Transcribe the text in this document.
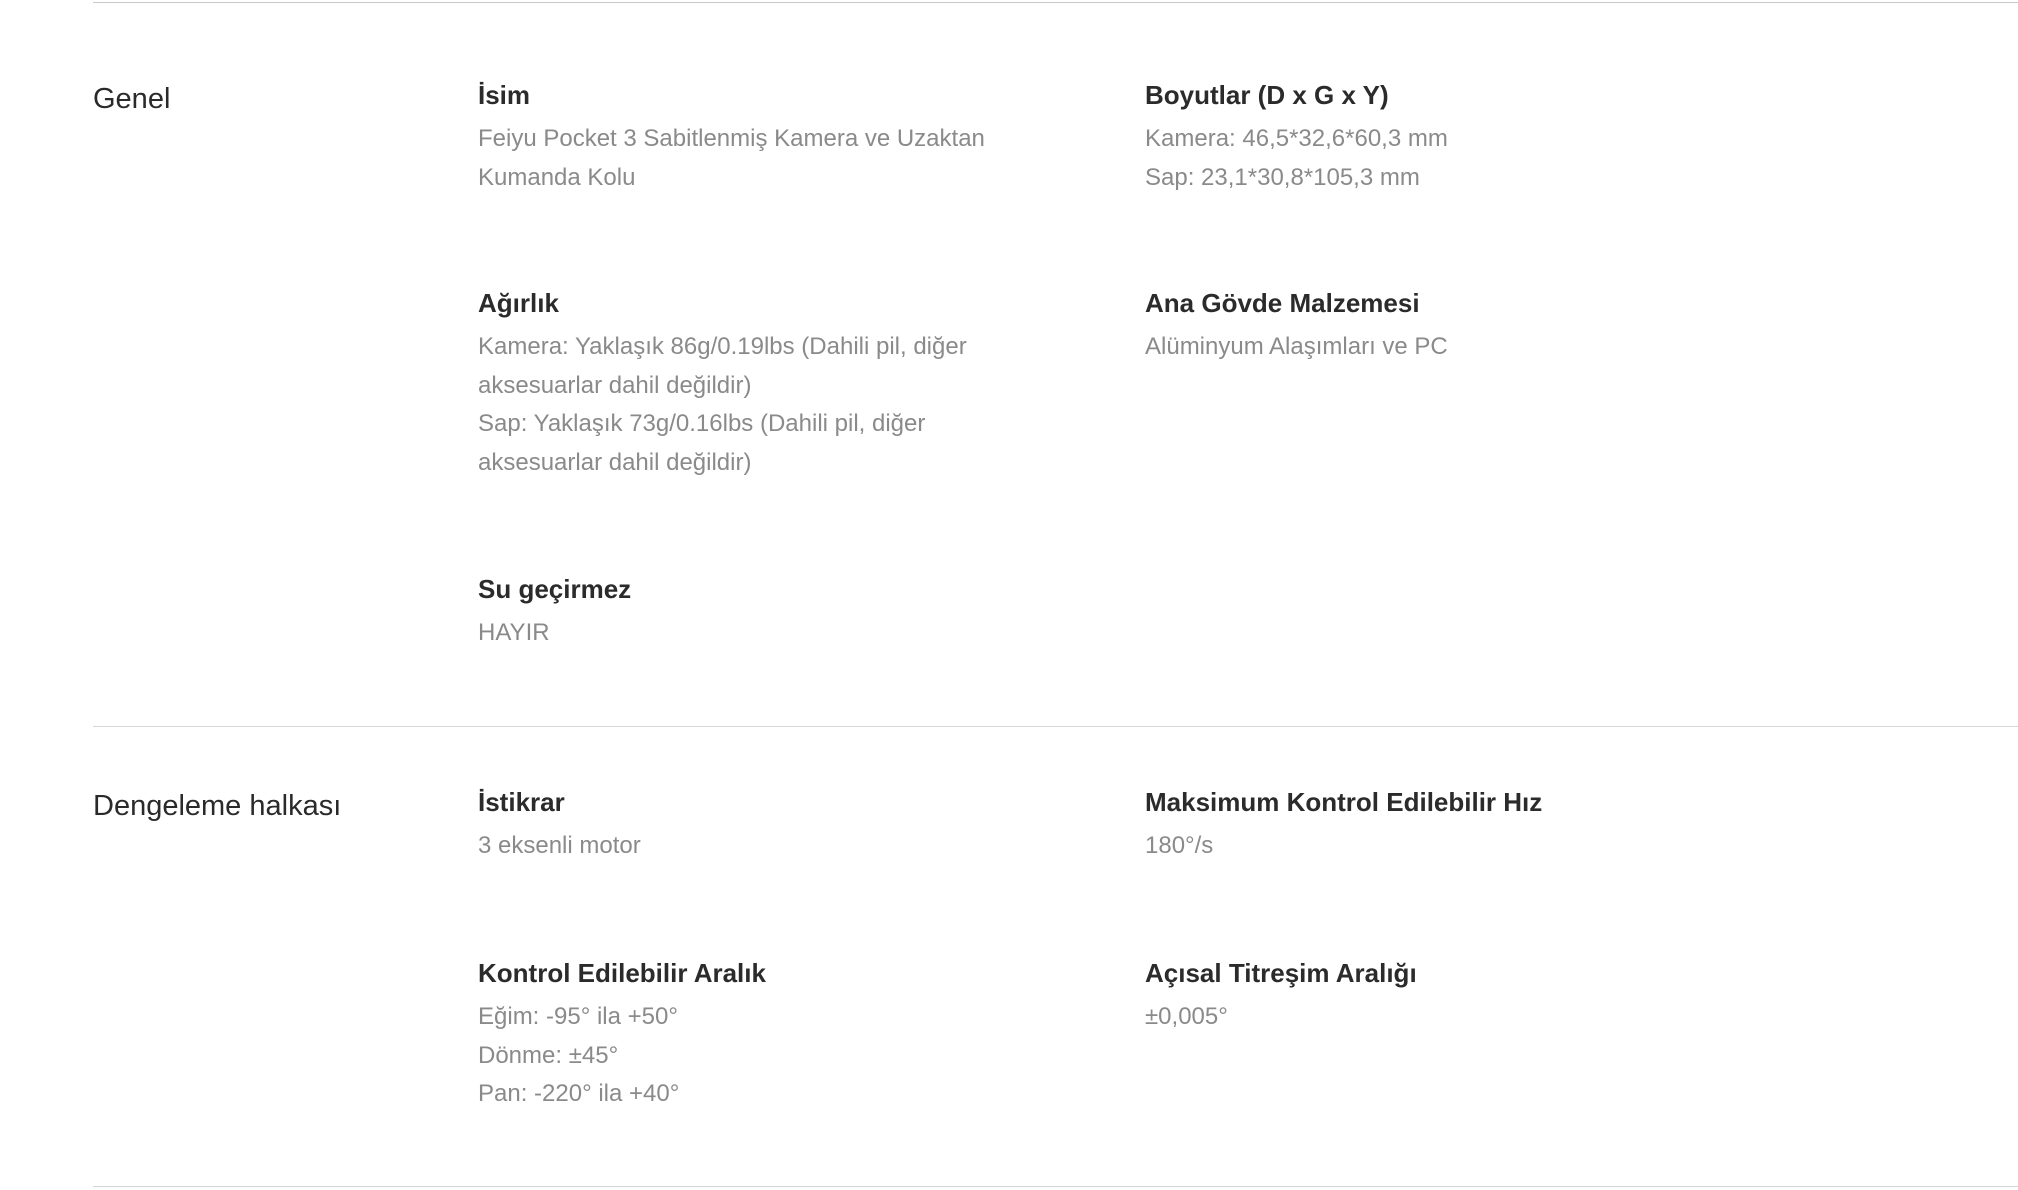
Genel	İsim

Feiyu Pocket 3 Sabitlenmiş Kamera ve Uzaktan

Kumanda Kolu

Boyutlar (D x G x Y)

Kamera: 46,5*32,6*60,3 mm

Sap: 23,1*30,8*105,3 mm

Ağırlık

Kamera: Yaklaşık 86g/0.19lbs (Dahili pil, diğer

aksesuarlar dahil değildir)

Sap: Yaklaşık 73g/0.16lbs (Dahili pil, diğer

aksesuarlar dahil değildir)

Ana Gövde Malzemesi

Alüminyum Alaşımları ve PC

Su geçirmez

HAYIR

Dengeleme halkası	İstikrar

3 eksenli motor

Maksimum Kontrol Edilebilir Hız

180°/s

Kontrol Edilebilir Aralık

Eğim: -95° ila +50°

Dönme: ±45°

Pan: -220° ila +40°

Açısal Titreşim Aralığı

±0,005°
